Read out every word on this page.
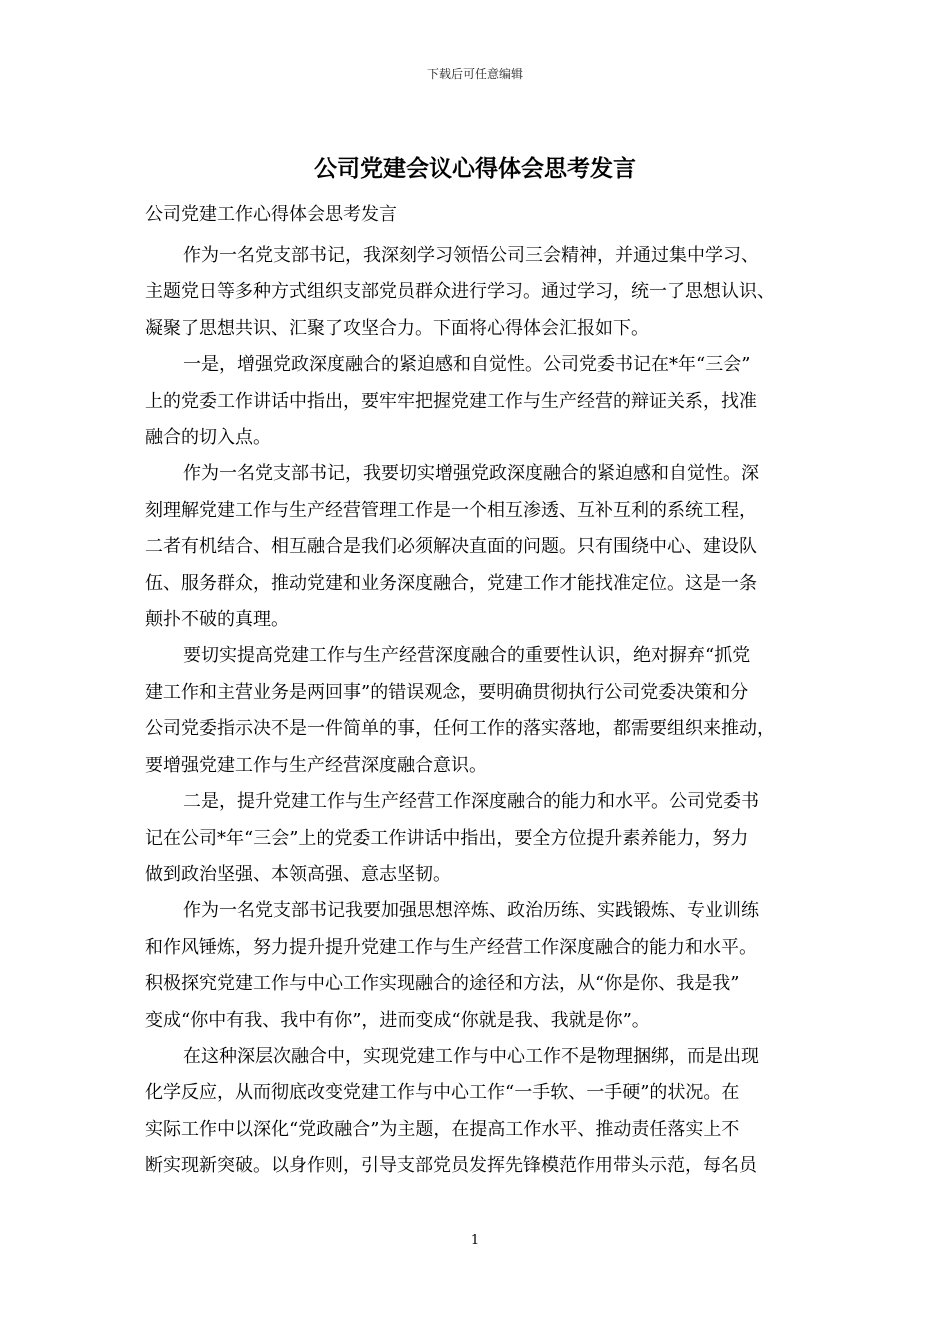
下载后可任意编辑
公司党建会议心得体会思考发言

公司党建工作心得体会思考发言

作为一名党支部书记，我深刻学习领悟公司三会精神，并通过集中学习、
主题党日等多种方式组织支部党员群众进行学习。通过学习，统一了思想认识、
凝聚了思想共识、汇聚了攻坚合力。下面将心得体会汇报如下。

一是，增强党政深度融合的紧迫感和自觉性。公司党委书记在*年“三会”
上的党委工作讲话中指出，要牢牢把握党建工作与生产经营的辩证关系，找准
融合的切入点。

作为一名党支部书记，我要切实增强党政深度融合的紧迫感和自觉性。深
刻理解党建工作与生产经营管理工作是一个相互渗透、互补互利的系统工程，
二者有机结合、相互融合是我们必须解决直面的问题。只有围绕中心、建设队
伍、服务群众，推动党建和业务深度融合，党建工作才能找准定位。这是一条
颠扑不破的真理。

要切实提高党建工作与生产经营深度融合的重要性认识，绝对摒弃“抓党
建工作和主营业务是两回事”的错误观念，要明确贯彻执行公司党委决策和分
公司党委指示决不是一件简单的事，任何工作的落实落地，都需要组织来推动，
要增强党建工作与生产经营深度融合意识。

二是，提升党建工作与生产经营工作深度融合的能力和水平。公司党委书
记在公司*年“三会”上的党委工作讲话中指出，要全方位提升素养能力，努力
做到政治坚强、本领高强、意志坚韧。

作为一名党支部书记我要加强思想淬炼、政治历练、实践锻炼、专业训练
和作风锤炼，努力提升提升党建工作与生产经营工作深度融合的能力和水平。
积极探究党建工作与中心工作实现融合的途径和方法，从“你是你、我是我”
变成“你中有我、我中有你”，进而变成“你就是我、我就是你”。

在这种深层次融合中，实现党建工作与中心工作不是物理捆绑，而是出现
化学反应，从而彻底改变党建工作与中心工作“一手软、一手硬”的状况。在
实际工作中以深化“党政融合”为主题，在提高工作水平、推动责任落实上不
断实现新突破。以身作则，引导支部党员发挥先锋模范作用带头示范，每名员

1
